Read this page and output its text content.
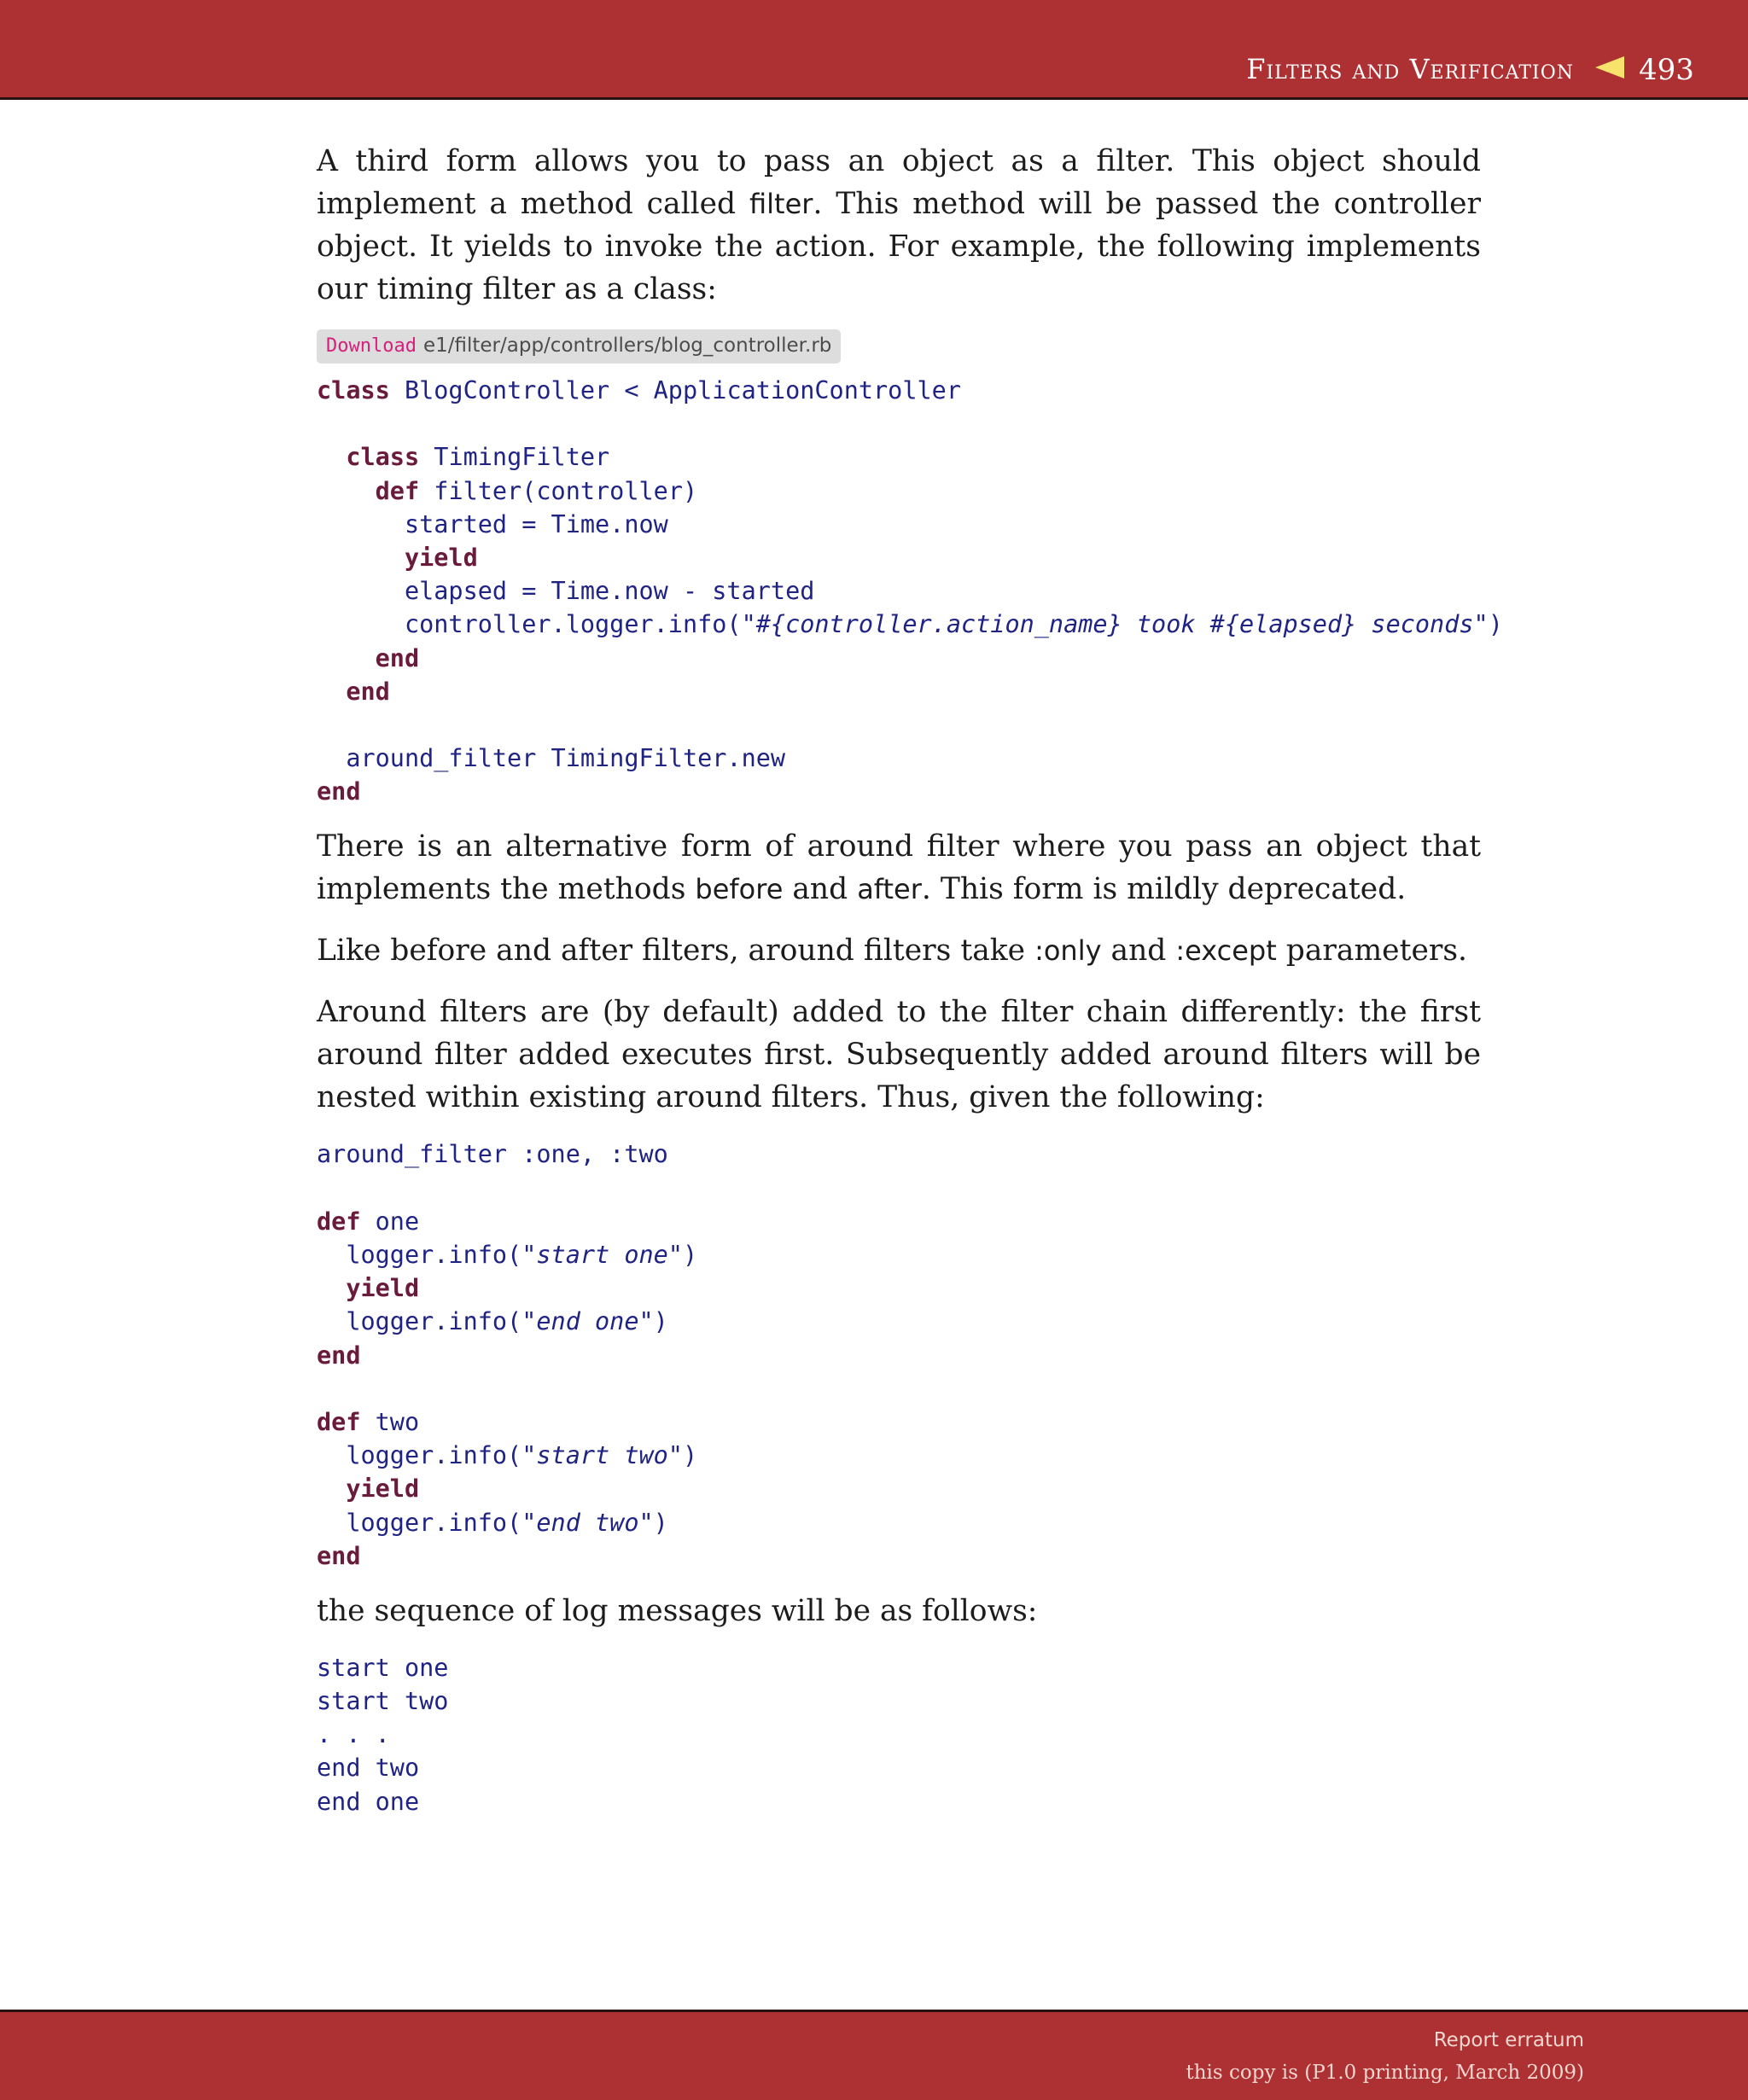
Filters and Verification 493

A third form allows you to pass an object as a filter. This object should implement a method called filter. This method will be passed the controller object. It yields to invoke the action. For example, the following implements our timing filter as a class:

Download e1/filter/app/controllers/blog_controller.rb
class BlogController < ApplicationController
class TimingFilter
def filter(controller)
started = Time.now
yield
elapsed = Time.now - started
controller.logger.info("#{controller.action_name} took #{elapsed} seconds")
end
end
around_filter TimingFilter.new
end

There is an alternative form of around filter where you pass an object that implements the methods before and after. This form is mildly deprecated.

Like before and after filters, around filters take :only and :except parameters.

Around filters are (by default) added to the filter chain differently: the first around filter added executes first. Subsequently added around filters will be nested within existing around filters. Thus, given the following:

around_filter :one, :two
def one
logger.info("start one")
yield
logger.info("end one")
end
def two
logger.info("start two")
yield
logger.info("end two")
end

the sequence of log messages will be as follows:

start one
start two
. . .
end two
end one
Report erratum
this copy is (P1.0 printing, March 2009)
